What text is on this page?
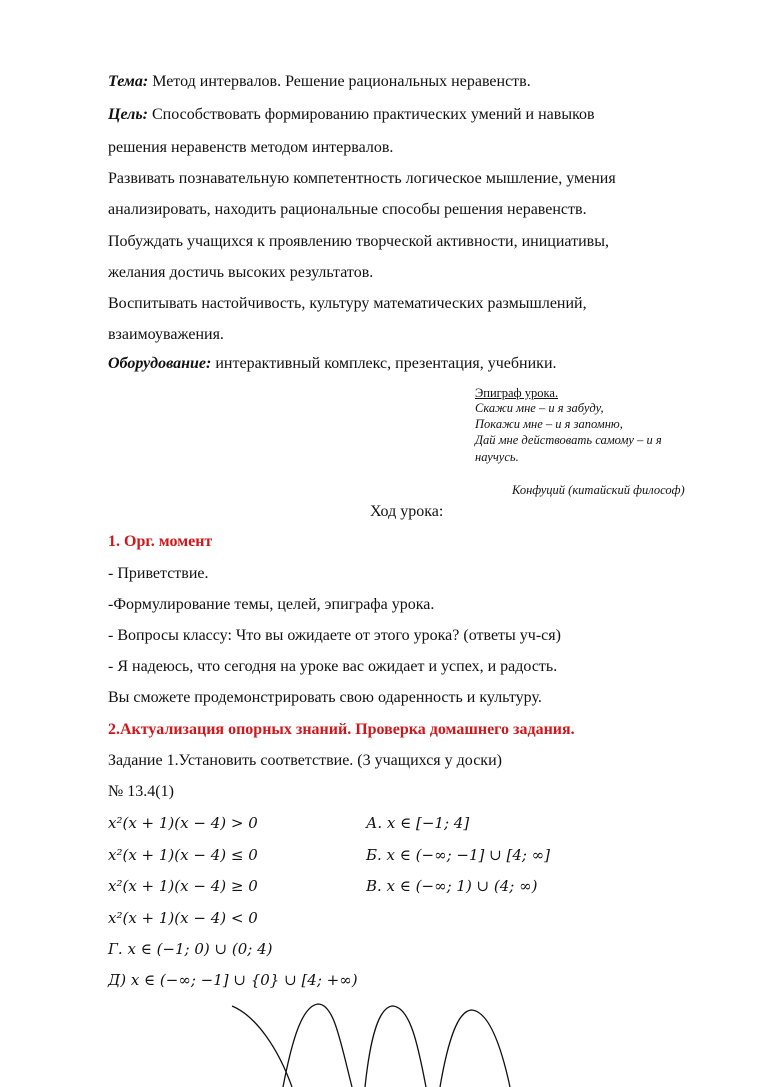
Тема: Метод интервалов. Решение рациональных неравенств.
Цель: Способствовать формированию практических умений и навыков
решения неравенств методом интервалов.
Развивать познавательную компетентность логическое мышление, умения
анализировать, находить рациональные способы решения неравенств.
Побуждать учащихся к проявлению творческой активности, инициативы,
желания достичь высоких результатов.
Воспитывать настойчивость, культуру математических размышлений,
взаимоуважения.
Оборудование: интерактивный комплекс, презентация, учебники.
Эпиграф урока.
Скажи мне – и я забуду,
Покажи мне – и я запомню,
Дай мне действовать самому – и я
научусь.
Конфуций (китайский философ)
Ход урока:
1. Орг. момент
- Приветствие.
-Формулирование темы, целей, эпиграфа урока.
- Вопросы классу: Что вы ожидаете от этого урока? (ответы уч-ся)
- Я надеюсь, что сегодня на уроке вас ожидает и успех, и радость.
Вы сможете продемонстрировать свою одаренность и культуру.
2.Актуализация опорных знаний. Проверка домашнего задания.
Задание 1.Установить соответствие. (3 учащихся у доски)
№ 13.4(1)
x²(x + 1)(x − 4) > 0	А. x ∈ [−1; 4]
x²(x + 1)(x − 4) ≤ 0	Б. x ∈ (−∞; −1] ∪ [4; ∞]
x²(x + 1)(x − 4) ≥ 0	В. x ∈ (−∞; 1) ∪ (4; ∞)
x²(x + 1)(x − 4) < 0
Г. x ∈ (−1; 0) ∪ (0; 4)
Д) x ∈ (−∞; −1] ∪ {0} ∪ [4; +∞)
